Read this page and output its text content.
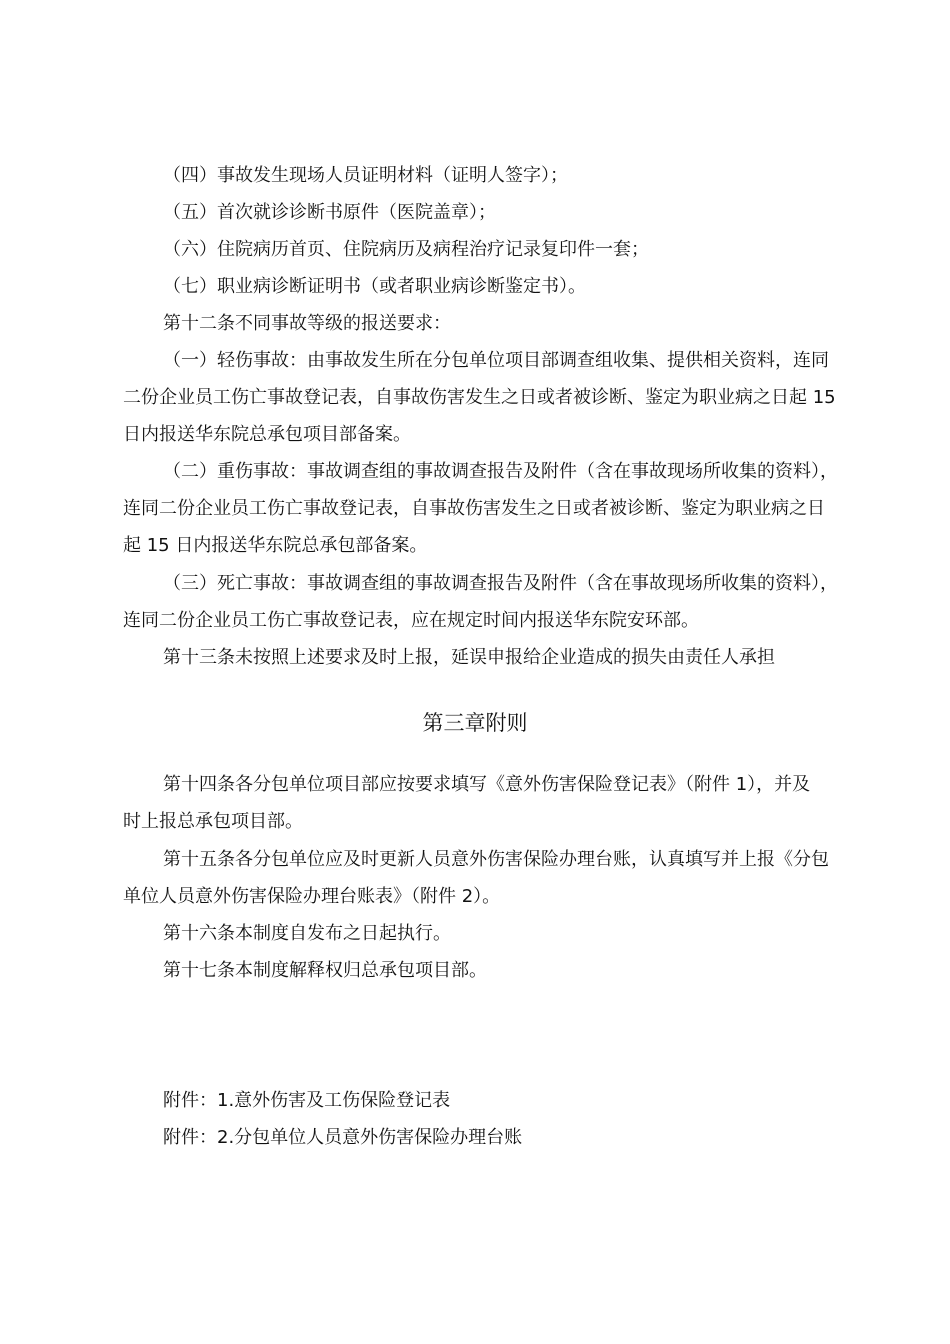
（四）事故发生现场人员证明材料（证明人签字）；
（五）首次就诊诊断书原件（医院盖章）；
（六）住院病历首页、住院病历及病程治疗记录复印件一套；
（七）职业病诊断证明书（或者职业病诊断鉴定书）。
第十二条不同事故等级的报送要求：
（一）轻伤事故：由事故发生所在分包单位项目部调查组收集、提供相关资料，连同
二份企业员工伤亡事故登记表，自事故伤害发生之日或者被诊断、鉴定为职业病之日起 15
日内报送华东院总承包项目部备案。
（二）重伤事故：事故调查组的事故调查报告及附件（含在事故现场所收集的资料），
连同二份企业员工伤亡事故登记表，自事故伤害发生之日或者被诊断、鉴定为职业病之日
起 15 日内报送华东院总承包部备案。
（三）死亡事故：事故调查组的事故调查报告及附件（含在事故现场所收集的资料），
连同二份企业员工伤亡事故登记表，应在规定时间内报送华东院安环部。
第十三条未按照上述要求及时上报，延误申报给企业造成的损失由责任人承担
第三章附则
第十四条各分包单位项目部应按要求填写《意外伤害保险登记表》（附件 1），并及
时上报总承包项目部。
第十五条各分包单位应及时更新人员意外伤害保险办理台账，认真填写并上报《分包
单位人员意外伤害保险办理台账表》（附件 2）。
第十六条本制度自发布之日起执行。
第十七条本制度解释权归总承包项目部。
附件：1.意外伤害及工伤保险登记表
附件：2.分包单位人员意外伤害保险办理台账
